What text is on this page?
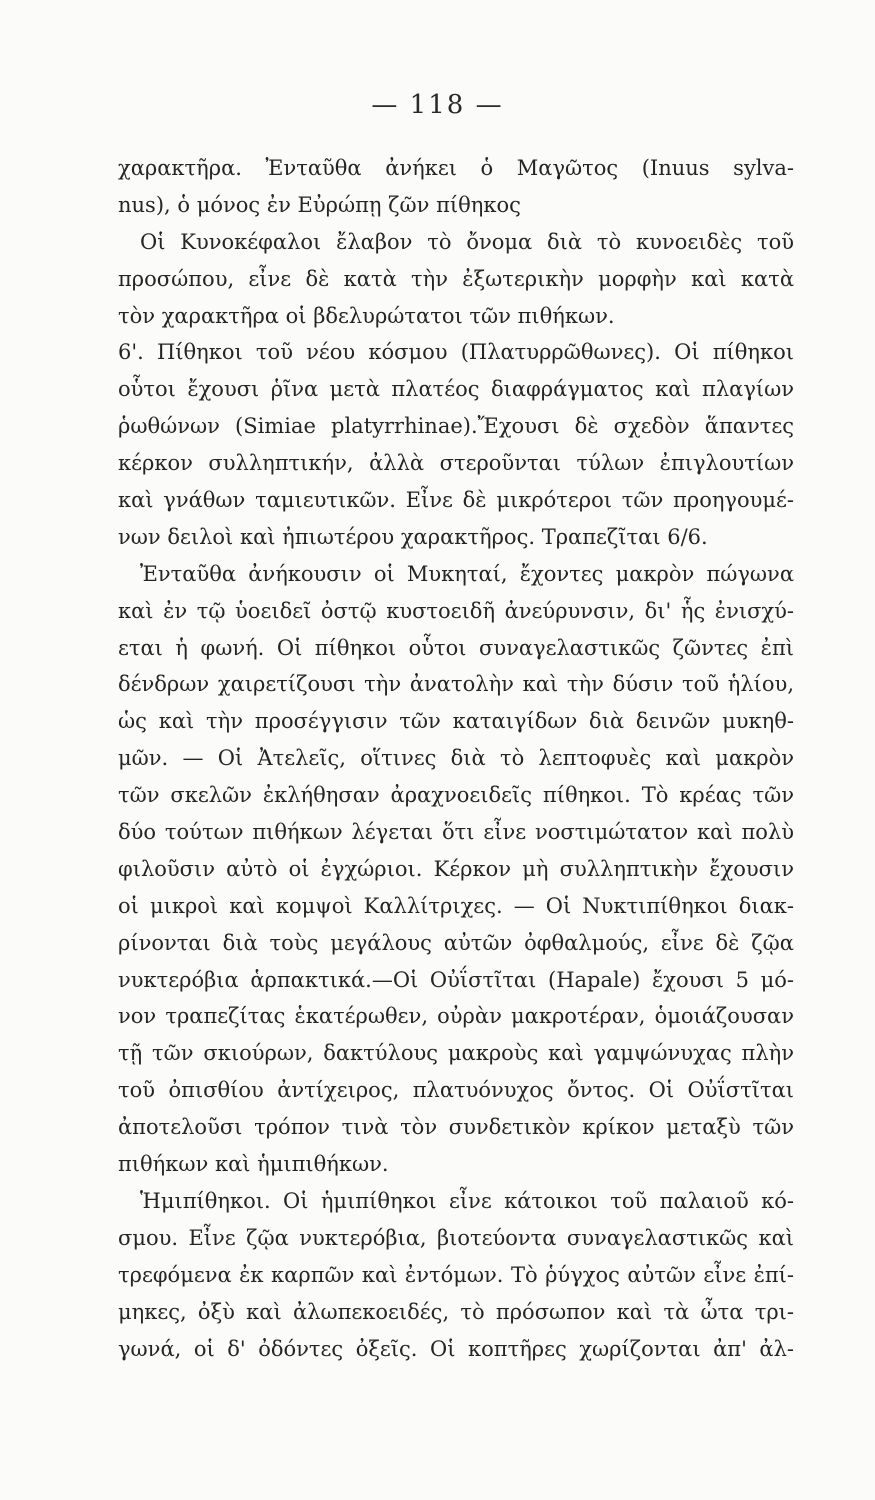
— 118 —
χαρακτῆρα. Ἐνταῦθα ἀνήκει ὁ Μαγῶτος (Inuus sylva-
nus), ὁ μόνος ἐν Εὐρώπῃ ζῶν πίθηκος
Οἱ Κυνοκέφαλοι ἔλαβον τὸ ὄνομα διὰ τὸ κυνοειδὲς τοῦ
προσώπου, εἶνε δὲ κατὰ τὴν ἐξωτερικὴν μορφὴν καὶ κατὰ
τὸν χαρακτῆρα οἱ βδελυρώτατοι τῶν πιθήκων.
6'. Πίθηκοι τοῦ νέου κόσμου (Πλατυρρῶθωνες). Οἱ πίθηκοι
οὗτοι ἔχουσι ῥῖνα μετὰ πλατέος διαφράγματος καὶ πλαγίων
ῥωθώνων (Simiae platyrrhinae).Ἔχουσι δὲ σχεδὸν ἅπαντες
κέρκον συλληπτικήν, ἀλλὰ στεροῦνται τύλων ἐπιγλουτίων
καὶ γνάθων ταμιευτικῶν. Εἶνε δὲ μικρότεροι τῶν προηγουμέ-
νων δειλοὶ καὶ ἠπιωτέρου χαρακτῆρος. Τραπεζῖται 6/6.
Ἐνταῦθα ἀνήκουσιν οἱ Μυκηταί, ἔχοντες μακρὸν πώγωνα
καὶ ἐν τῷ ὑοειδεῖ ὀστῷ κυστοειδῆ ἀνεύρυνσιν, δι' ἧς ἐνισχύ-
εται ἡ φωνή. Οἱ πίθηκοι οὗτοι συναγελαστικῶς ζῶντες ἐπὶ
δένδρων χαιρετίζουσι τὴν ἀνατολὴν καὶ τὴν δύσιν τοῦ ἡλίου,
ὡς καὶ τὴν προσέγγισιν τῶν καταιγίδων διὰ δεινῶν μυκηθ-
μῶν. — Οἱ Ἀτελεῖς, οἵτινες διὰ τὸ λεπτοφυὲς καὶ μακρὸν
τῶν σκελῶν ἐκλήθησαν ἀραχνοειδεῖς πίθηκοι. Τὸ κρέας τῶν
δύο τούτων πιθήκων λέγεται ὅτι εἶνε νοστιμώτατον καὶ πολὺ
φιλοῦσιν αὐτὸ οἱ ἐγχώριοι. Κέρκον μὴ συλληπτικὴν ἔχουσιν
οἱ μικροὶ καὶ κομψοὶ Καλλίτριχες. — Οἱ Νυκτιπίθηκοι διακ-
ρίνονται διὰ τοὺς μεγάλους αὐτῶν ὀφθαλμούς, εἶνε δὲ ζῷα
νυκτερόβια ἁρπακτικά.—Οἱ Οὐΐστῖται (Hapale) ἔχουσι 5 μό-
νον τραπεζίτας ἑκατέρωθεν, οὐρὰν μακροτέραν, ὁμοιάζουσαν
τῇ τῶν σκιούρων, δακτύλους μακροὺς καὶ γαμψώνυχας πλὴν
τοῦ ὀπισθίου ἀντίχειρος, πλατυόνυχος ὄντος. Οἱ Οὐΐστῖται
ἀποτελοῦσι τρόπον τινὰ τὸν συνδετικὸν κρίκον μεταξὺ τῶν
πιθήκων καὶ ἡμιπιθήκων.
Ἡμιπίθηκοι. Οἱ ἡμιπίθηκοι εἶνε κάτοικοι τοῦ παλαιοῦ κό-
σμου. Εἶνε ζῷα νυκτερόβια, βιοτεύοντα συναγελαστικῶς καὶ
τρεφόμενα ἐκ καρπῶν καὶ ἐντόμων. Τὸ ῥύγχος αὐτῶν εἶνε ἐπί-
μηκες, ὀξὺ καὶ ἀλωπεκοειδές, τὸ πρόσωπον καὶ τὰ ὦτα τρι-
γωνά, οἱ δ' ὀδόντες ὀξεῖς. Οἱ κοπτῆρες χωρίζονται ἀπ' ἀλ-
